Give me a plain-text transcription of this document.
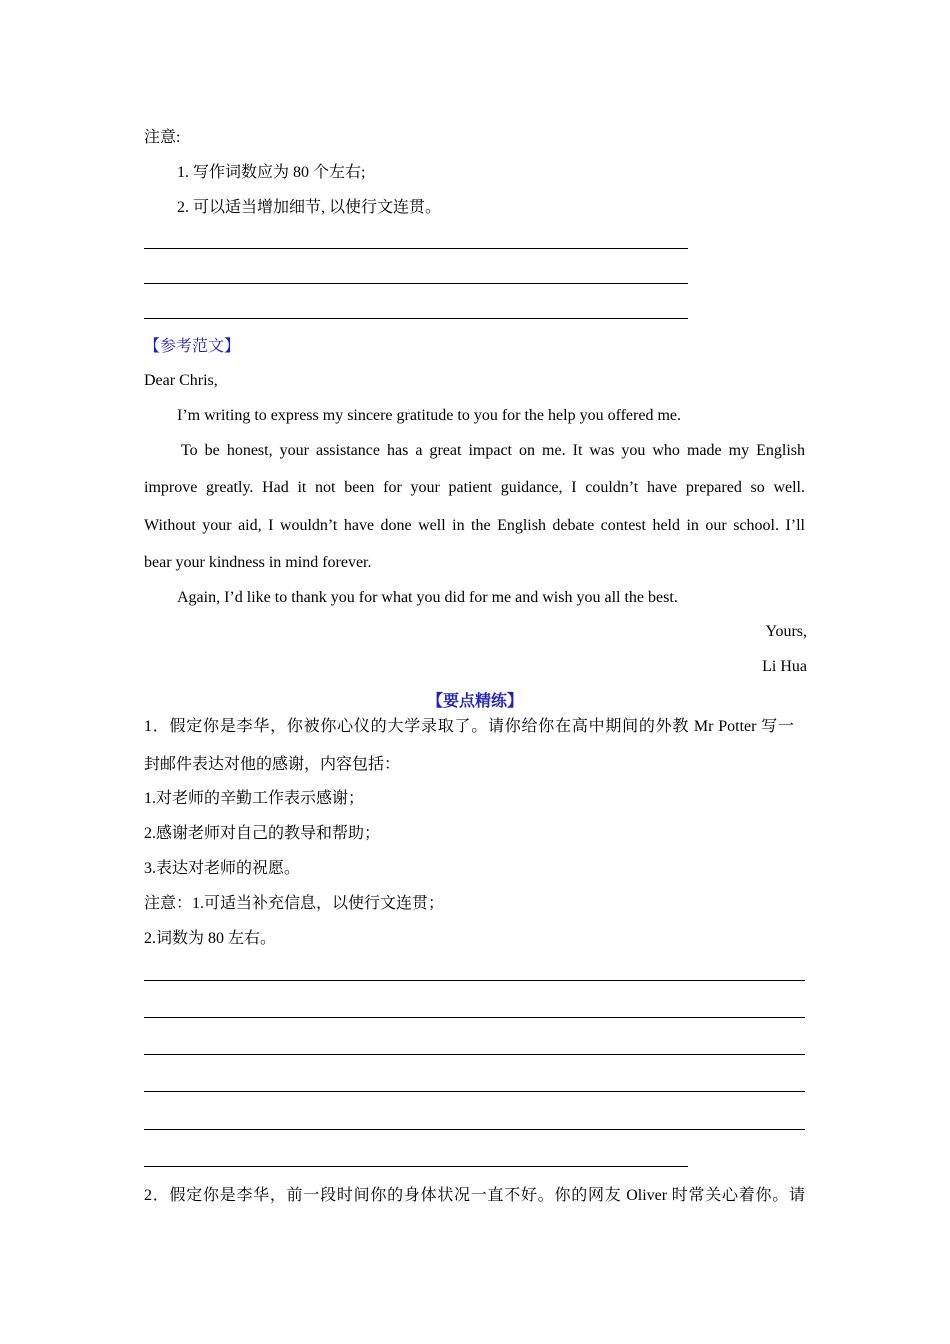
注意:
1. 写作词数应为 80 个左右;
2. 可以适当增加细节, 以使行文连贯。
【参考范文】
Dear Chris,
I’m writing to express my sincere gratitude to you for the help you offered me.
To be honest, your assistance has a great impact on me. It was you who made my English
improve greatly. Had it not been for your patient guidance, I couldn’t have prepared so well.
Without your aid, I wouldn’t have done well in the English debate contest held in our school. I’ll
bear your kindness in mind forever.
Again, I’d like to thank you for what you did for me and wish you all the best.
Yours,
Li Hua
【要点精练】
1．假定你是李华，你被你心仪的大学录取了。请你给你在高中期间的外教 Mr Potter 写一
封邮件表达对他的感谢，内容包括：
1.对老师的辛勤工作表示感谢；
2.感谢老师对自己的教导和帮助；
3.表达对老师的祝愿。
注意：1.可适当补充信息，以使行文连贯；
2.词数为 80 左右。
2．假定你是李华，前一段时间你的身体状况一直不好。你的网友 Oliver 时常关心着你。请
